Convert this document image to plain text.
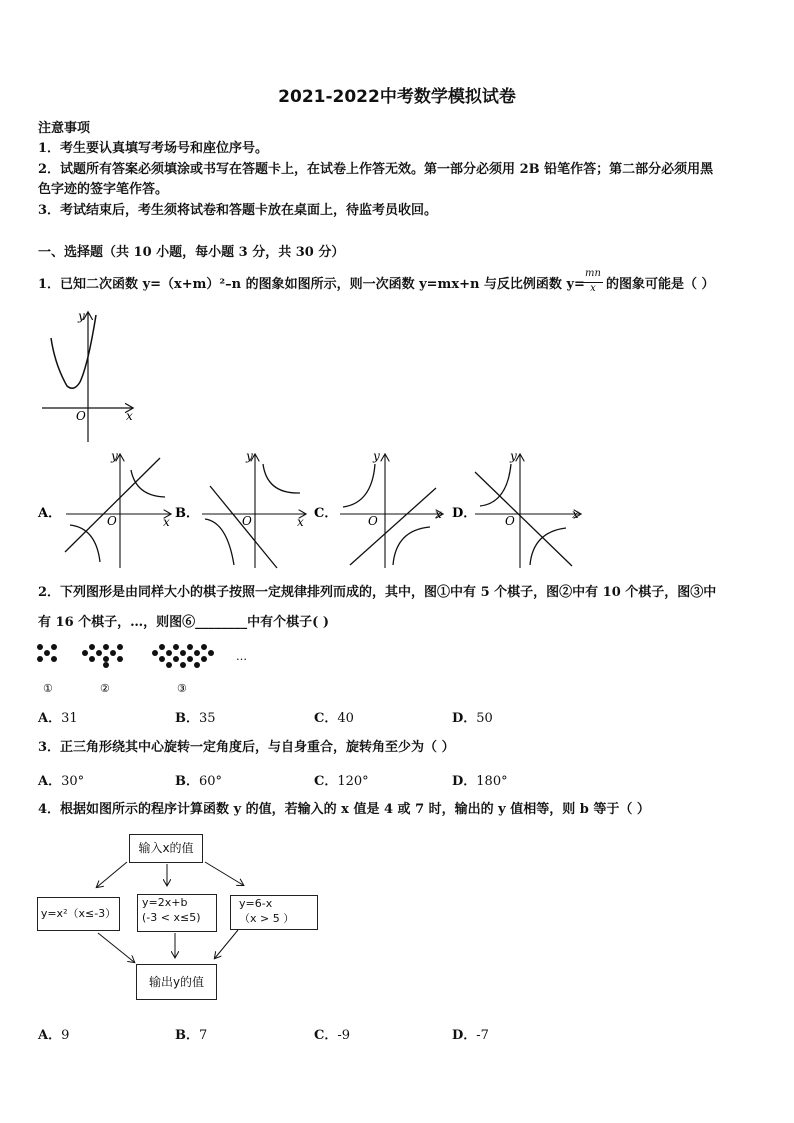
2021-2022中考数学模拟试卷
注意事项
1．考生要认真填写考场号和座位序号。
2．试题所有答案必须填涂或书写在答题卡上，在试卷上作答无效。第一部分必须用 2B 铅笔作答；第二部分必须用黑
色字迹的签字笔作答。
3．考试结束后，考生须将试卷和答题卡放在桌面上，待监考员收回。
一、选择题（共 10 小题，每小题 3 分，共 30 分）
1．已知二次函数 y=（x+m）²–n 的图象如图所示，则一次函数 y=mx+n 与反比例函数 y=
mn
x 的图象可能是（ ）
x
y
O
A．
x
y
O	B．
x
y
O	C．	x
y
O	D．	x
y
O
2．下列图形是由同样大小的棋子按照一定规律排列而成的，其中，图①中有 5 个棋子，图②中有 10 个棋子，图③中
有 16 个棋子，…，则图⑥________中有个棋子( )
…
①	②	③
A．31	B．35	C．40	D．50
3．正三角形绕其中心旋转一定角度后，与自身重合，旋转角至少为（ ）
A．30°	B．60°	C．120°	D．180°
4．根据如图所示的程序计算函数 y 的值，若输入的 x 值是 4 或 7 时，输出的 y 值相等，则 b 等于（ ）
输入x的值
y=x²（x≤-3）
y=2x+b
(-3 < x≤5)
y=6-x
（x > 5 ）
输出y的值
A．9	B．7	C．-9	D．-7
